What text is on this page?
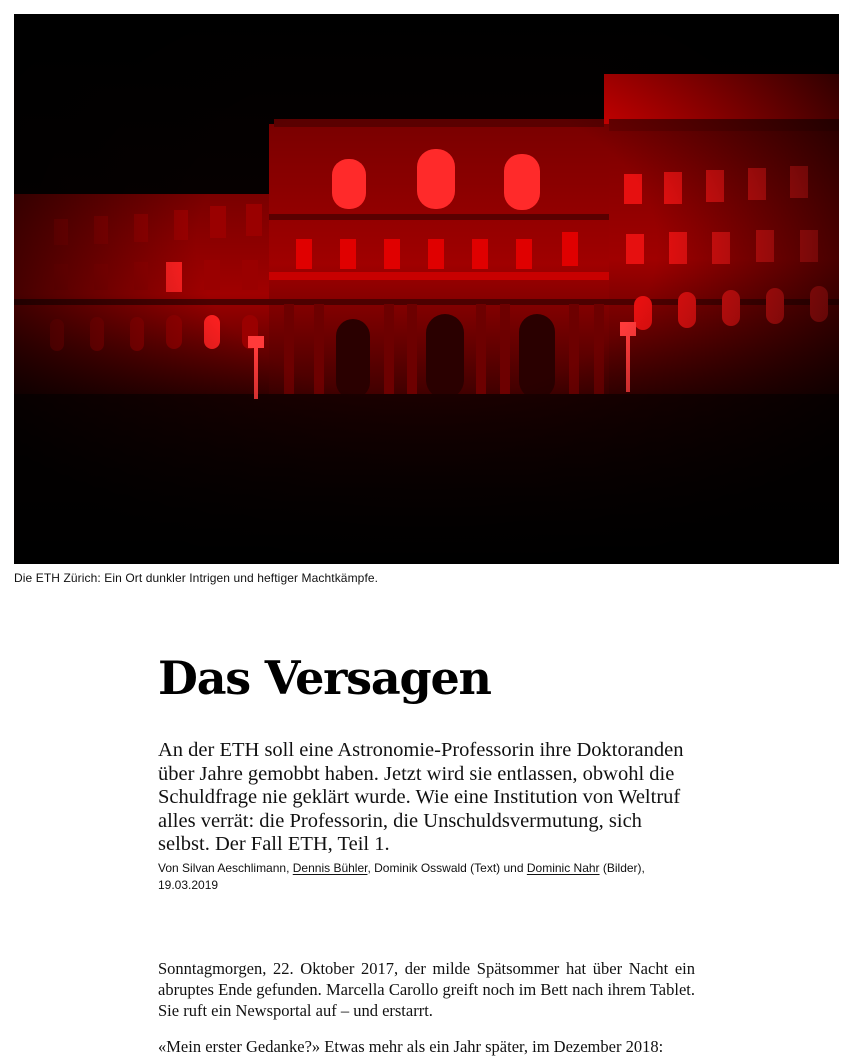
Die ETH Zürich: Ein Ort dunkler Intrigen und heftiger Machtkämpfe.
Das Versagen

An der ETH soll eine Astronomie-Professorin ihre Doktoranden über Jahre gemobbt haben. Jetzt wird sie entlassen, obwohl die Schuldfrage nie geklärt wurde. Wie eine Institution von Weltruf alles verrät: die Professorin, die Unschuldsvermutung, sich selbst. Der Fall ETH, Teil 1.

Von Silvan Aeschlimann, Dennis Bühler, Dominik Osswald (Text) und Dominic Nahr (Bilder),
19.03.2019

Sonntagmorgen, 22. Oktober 2017, der milde Spätsommer hat über Nacht ein abruptes Ende gefunden. Marcella Carollo greift noch im Bett nach ihrem Tablet. Sie ruft ein Newsportal auf – und erstarrt.

«Mein erster Gedanke?» Etwas mehr als ein Jahr später, im Dezember 2018:
